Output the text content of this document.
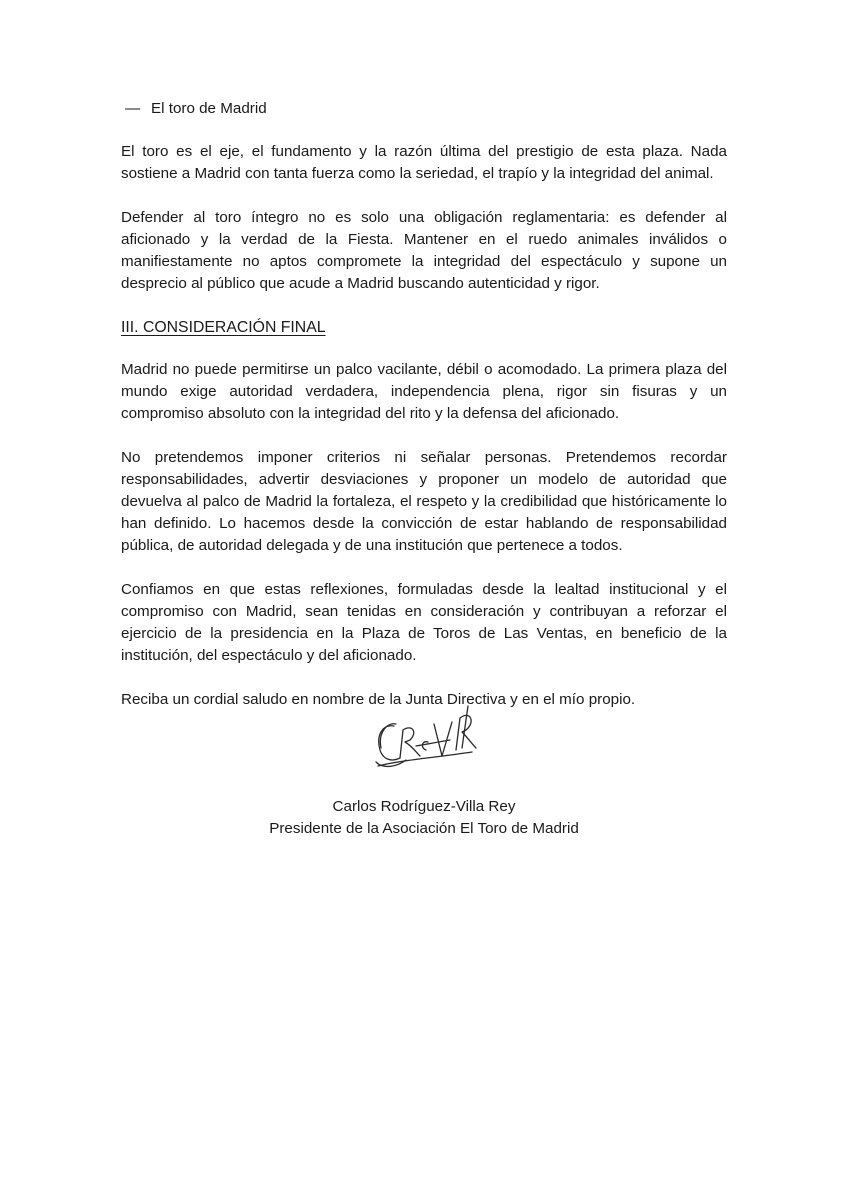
— El toro de Madrid

El toro es el eje, el fundamento y la razón última del prestigio de esta plaza. Nada sostiene a Madrid con tanta fuerza como la seriedad, el trapío y la integridad del animal.

Defender al toro íntegro no es solo una obligación reglamentaria: es defender al aficionado y la verdad de la Fiesta. Mantener en el ruedo animales inválidos o manifiestamente no aptos compromete la integridad del espectáculo y supone un desprecio al público que acude a Madrid buscando autenticidad y rigor.

III. CONSIDERACIÓN FINAL

Madrid no puede permitirse un palco vacilante, débil o acomodado. La primera plaza del mundo exige autoridad verdadera, independencia plena, rigor sin fisuras y un compromiso absoluto con la integridad del rito y la defensa del aficionado.

No pretendemos imponer criterios ni señalar personas. Pretendemos recordar responsabilidades, advertir desviaciones y proponer un modelo de autoridad que devuelva al palco de Madrid la fortaleza, el respeto y la credibilidad que históricamente lo han definido. Lo hacemos desde la convicción de estar hablando de responsabilidad pública, de autoridad delegada y de una institución que pertenece a todos.

Confiamos en que estas reflexiones, formuladas desde la lealtad institucional y el compromiso con Madrid, sean tenidas en consideración y contribuyan a reforzar el ejercicio de la presidencia en la Plaza de Toros de Las Ventas, en beneficio de la institución, del espectáculo y del aficionado.

Reciba un cordial saludo en nombre de la Junta Directiva y en el mío propio.

Carlos Rodríguez-Villa Rey
Presidente de la Asociación El Toro de Madrid
